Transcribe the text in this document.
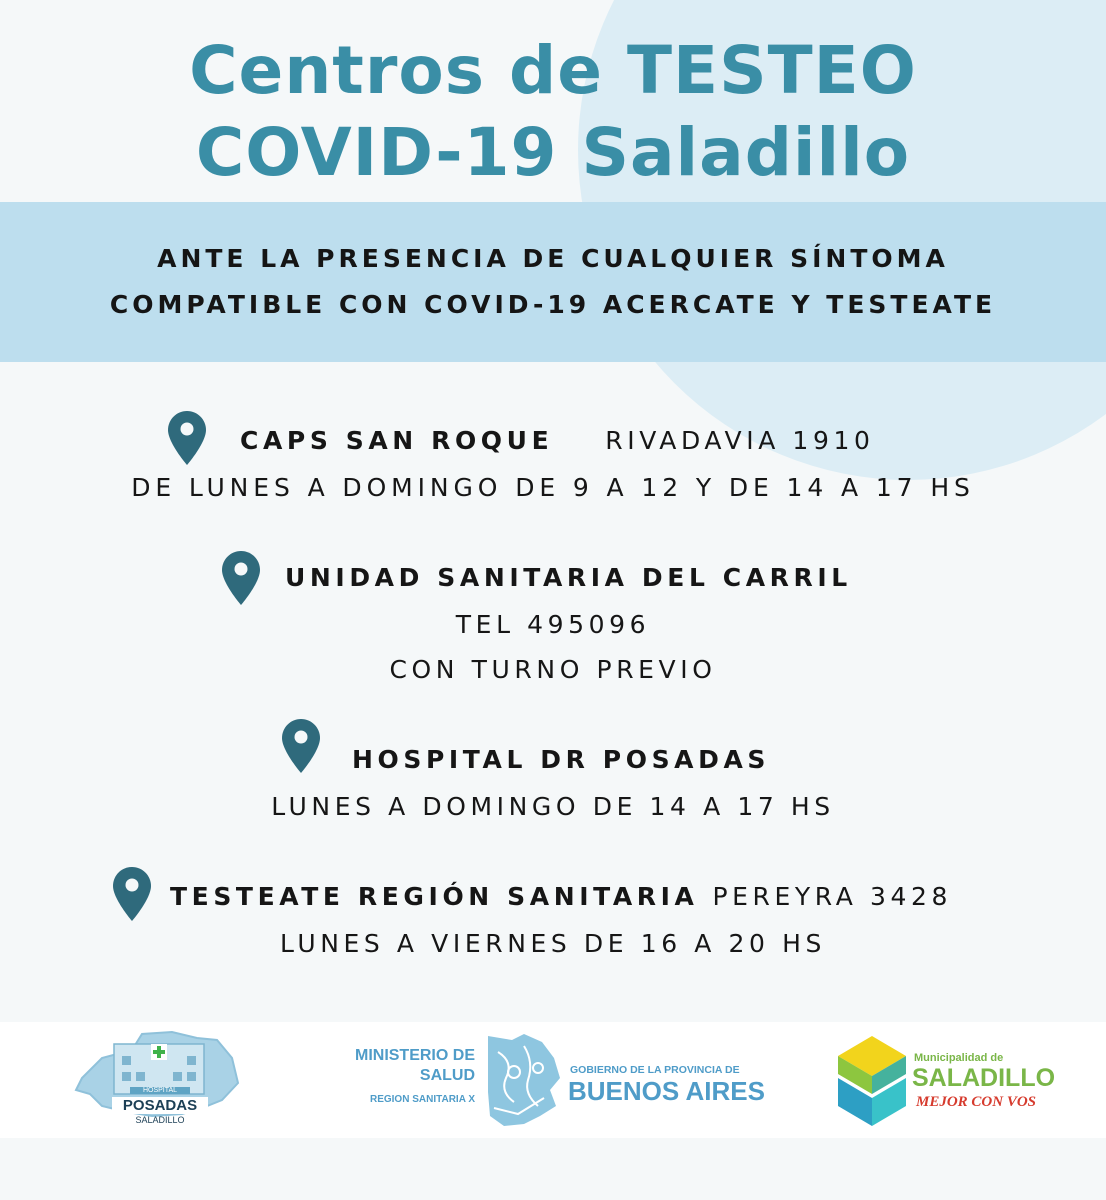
Centros de TESTEO
COVID-19 Saladillo
ANTE LA PRESENCIA DE CUALQUIER SÍNTOMA
COMPATIBLE CON COVID-19 ACERCATE Y TESTEATE
CAPS SAN ROQUE RIVADAVIA 1910
DE LUNES A DOMINGO DE 9 A 12 Y DE 14 A 17 HS
UNIDAD SANITARIA DEL CARRIL
TEL 495096
CON TURNO PREVIO
HOSPITAL DR POSADAS
LUNES A DOMINGO DE 14 A 17 HS
TESTEATE REGIÓN SANITARIA PEREYRA 3428
LUNES A VIERNES DE 16 A 20 HS
HOSPITAL
POSADAS
SALADILLO
MINISTERIO DE
SALUD
REGION SANITARIA X
GOBIERNO DE LA PROVINCIA DE
BUENOS AIRES
Municipalidad de
SALADILLO
MEJOR CON VOS
